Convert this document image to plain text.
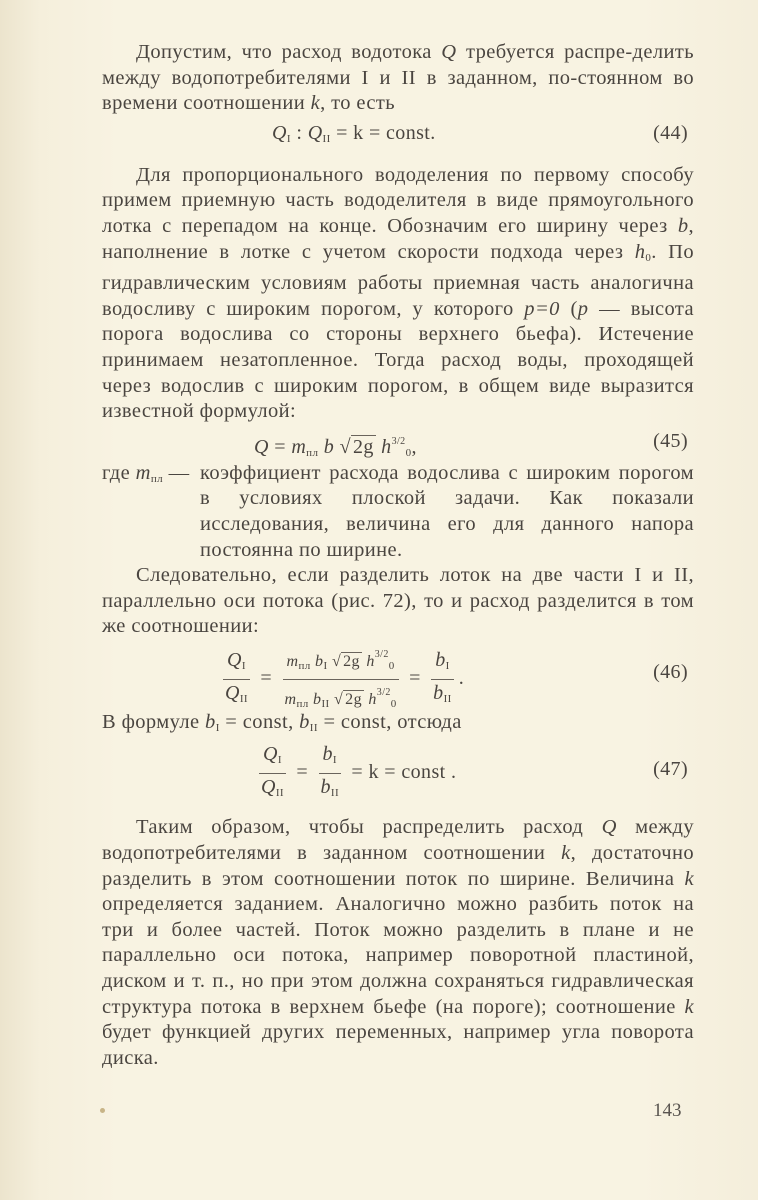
Допустим, что расход водотока Q требуется распре-делить между водопотребителями I и II в заданном, по-стоянном во времени соотношении k, то есть

$Q_I$ : $Q_{II} = k$ = const.	(44)

Для пропорционального вододеления по первому способу примем приемную часть вододелителя в виде прямоугольного лотка с перепадом на конце. Обозначим его ширину через b, наполнение в лотке с учетом скорости подхода через $h_0$. По гидравлическим условиям работы приемная часть аналогична водосливу с широким порогом, у которого p=0 (p — высота порога водослива со стороны верхнего бьефа). Истечение принимаем незатопленное. Тогда расход воды, проходящей через водослив с широким порогом, в общем виде выразится известной формулой:

$Q = m_{пл}$ b √ 2g $h^{3/2}_0$,	(45)
где $m_{пл}$ — коэффициент расхода водослива с широким порогом в условиях плоской задачи. Как показали исследования, величина его для данного напора постоянна по ширине.

Следовательно, если разделить лоток на две части I и II, параллельно оси потока (рис. 72), то и расход разделится в том же соотношении:

$\frac{Q_I}{Q_{II}} = \frac{m_{пл} b_I √ 2g h^{3/2}_0}{m_{пл} b_{II} √ 2g h^{3/2}_0} = \frac{b_I}{b_{II}}$ .	(46)

В формуле $b_I$ = const, $b_{II}$ = const, отсюда

$\frac{Q_I}{Q_{II}} = \frac{b_I}{b_{II}} = k$ = const .	(47)

Таким образом, чтобы распределить расход Q между водопотребителями в заданном соотношении k, достаточно разделить в этом соотношении поток по ширине. Величина k определяется заданием. Аналогично можно разбить поток на три и более частей. Поток можно разделить в плане и не параллельно оси потока, например поворотной пластиной, диском и т. п., но при этом должна сохраняться гидравлическая структура потока в верхнем бьефе (на пороге); соотношение k будет функцией других переменных, например угла поворота диска.

143
